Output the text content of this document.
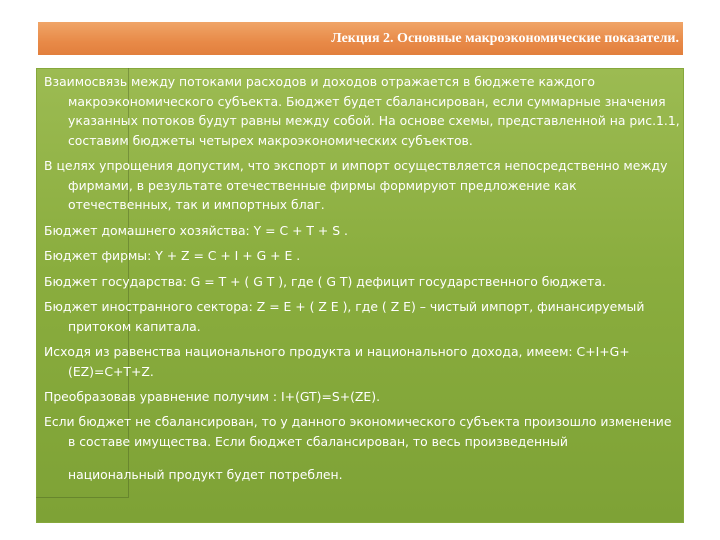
Лекция 2. Основные макроэкономические показатели.

Взаимосвязь между потоками расходов и доходов отражается в бюджете каждого макроэкономического субъекта. Бюджет будет сбалансирован, если суммарные значения указанных потоков будут равны между собой. На основе схемы, представленной на рис.1.1, составим бюджеты четырех макроэкономических субъектов.

В целях упрощения допустим, что экспорт и импорт осуществляется непосредственно между фирмами, в результате отечественные фирмы формируют предложение как отечественных, так и импортных благ.

Бюджет домашнего хозяйства: Y = C + T + S .

Бюджет фирмы: Y + Z = C + I + G + E .

Бюджет государства: G = T + ( G T ), где ( G T) дефицит государственного бюджета.

Бюджет иностранного сектора: Z = E + ( Z E ), где ( Z E) – чистый импорт, финансируемый притоком капитала.

Исходя из равенства национального продукта и национального дохода, имеем: C+I+G+(EZ)=C+T+Z.

Преобразовав уравнение получим : I+(GT)=S+(ZE).

Если бюджет не сбалансирован, то у данного экономического субъекта произошло изменение в составе имущества. Если бюджет сбалансирован, то весь произведенный

национальный продукт будет потреблен.
